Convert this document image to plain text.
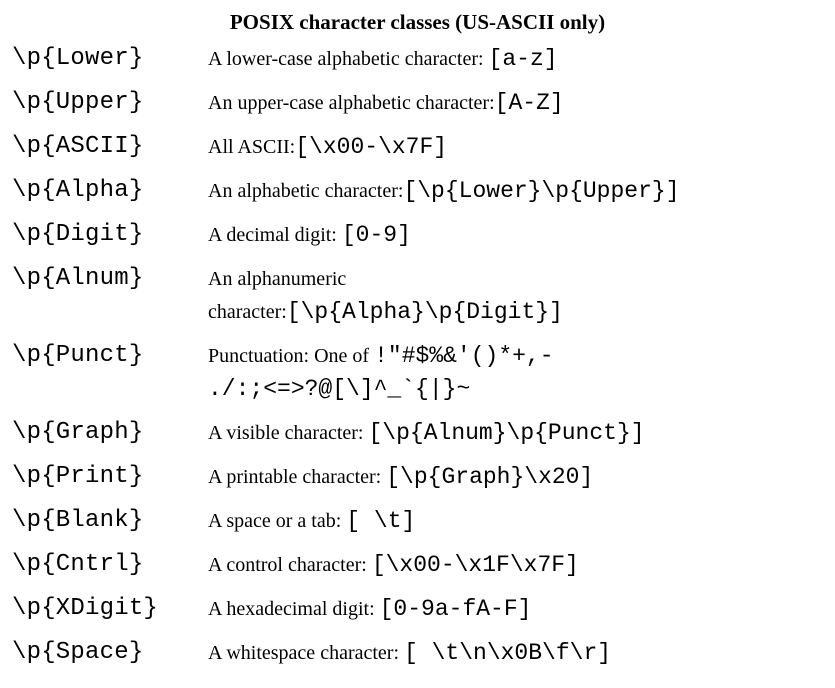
POSIX character classes (US-ASCII only)
\p{Lower}	A lower-case alphabetic character: [a-z]
\p{Upper}	An upper-case alphabetic character:[A-Z]
\p{ASCII}	All ASCII:[\x00-\x7F]
\p{Alpha}	An alphabetic character:[\p{Lower}\p{Upper}]
\p{Digit}	A decimal digit: [0-9]
\p{Alnum}	An alphanumeric
character:[\p{Alpha}\p{Digit}]
\p{Punct}	Punctuation: One of !"#$%&'()*+,-
./:;<=>?@[\]^_`{|}~
\p{Graph}	A visible character: [\p{Alnum}\p{Punct}]
\p{Print}	A printable character: [\p{Graph}\x20]
\p{Blank}	A space or a tab: [ \t]
\p{Cntrl}	A control character: [\x00-\x1F\x7F]
\p{XDigit} A hexadecimal digit: [0-9a-fA-F]
\p{Space}	A whitespace character: [ \t\n\x0B\f\r]
